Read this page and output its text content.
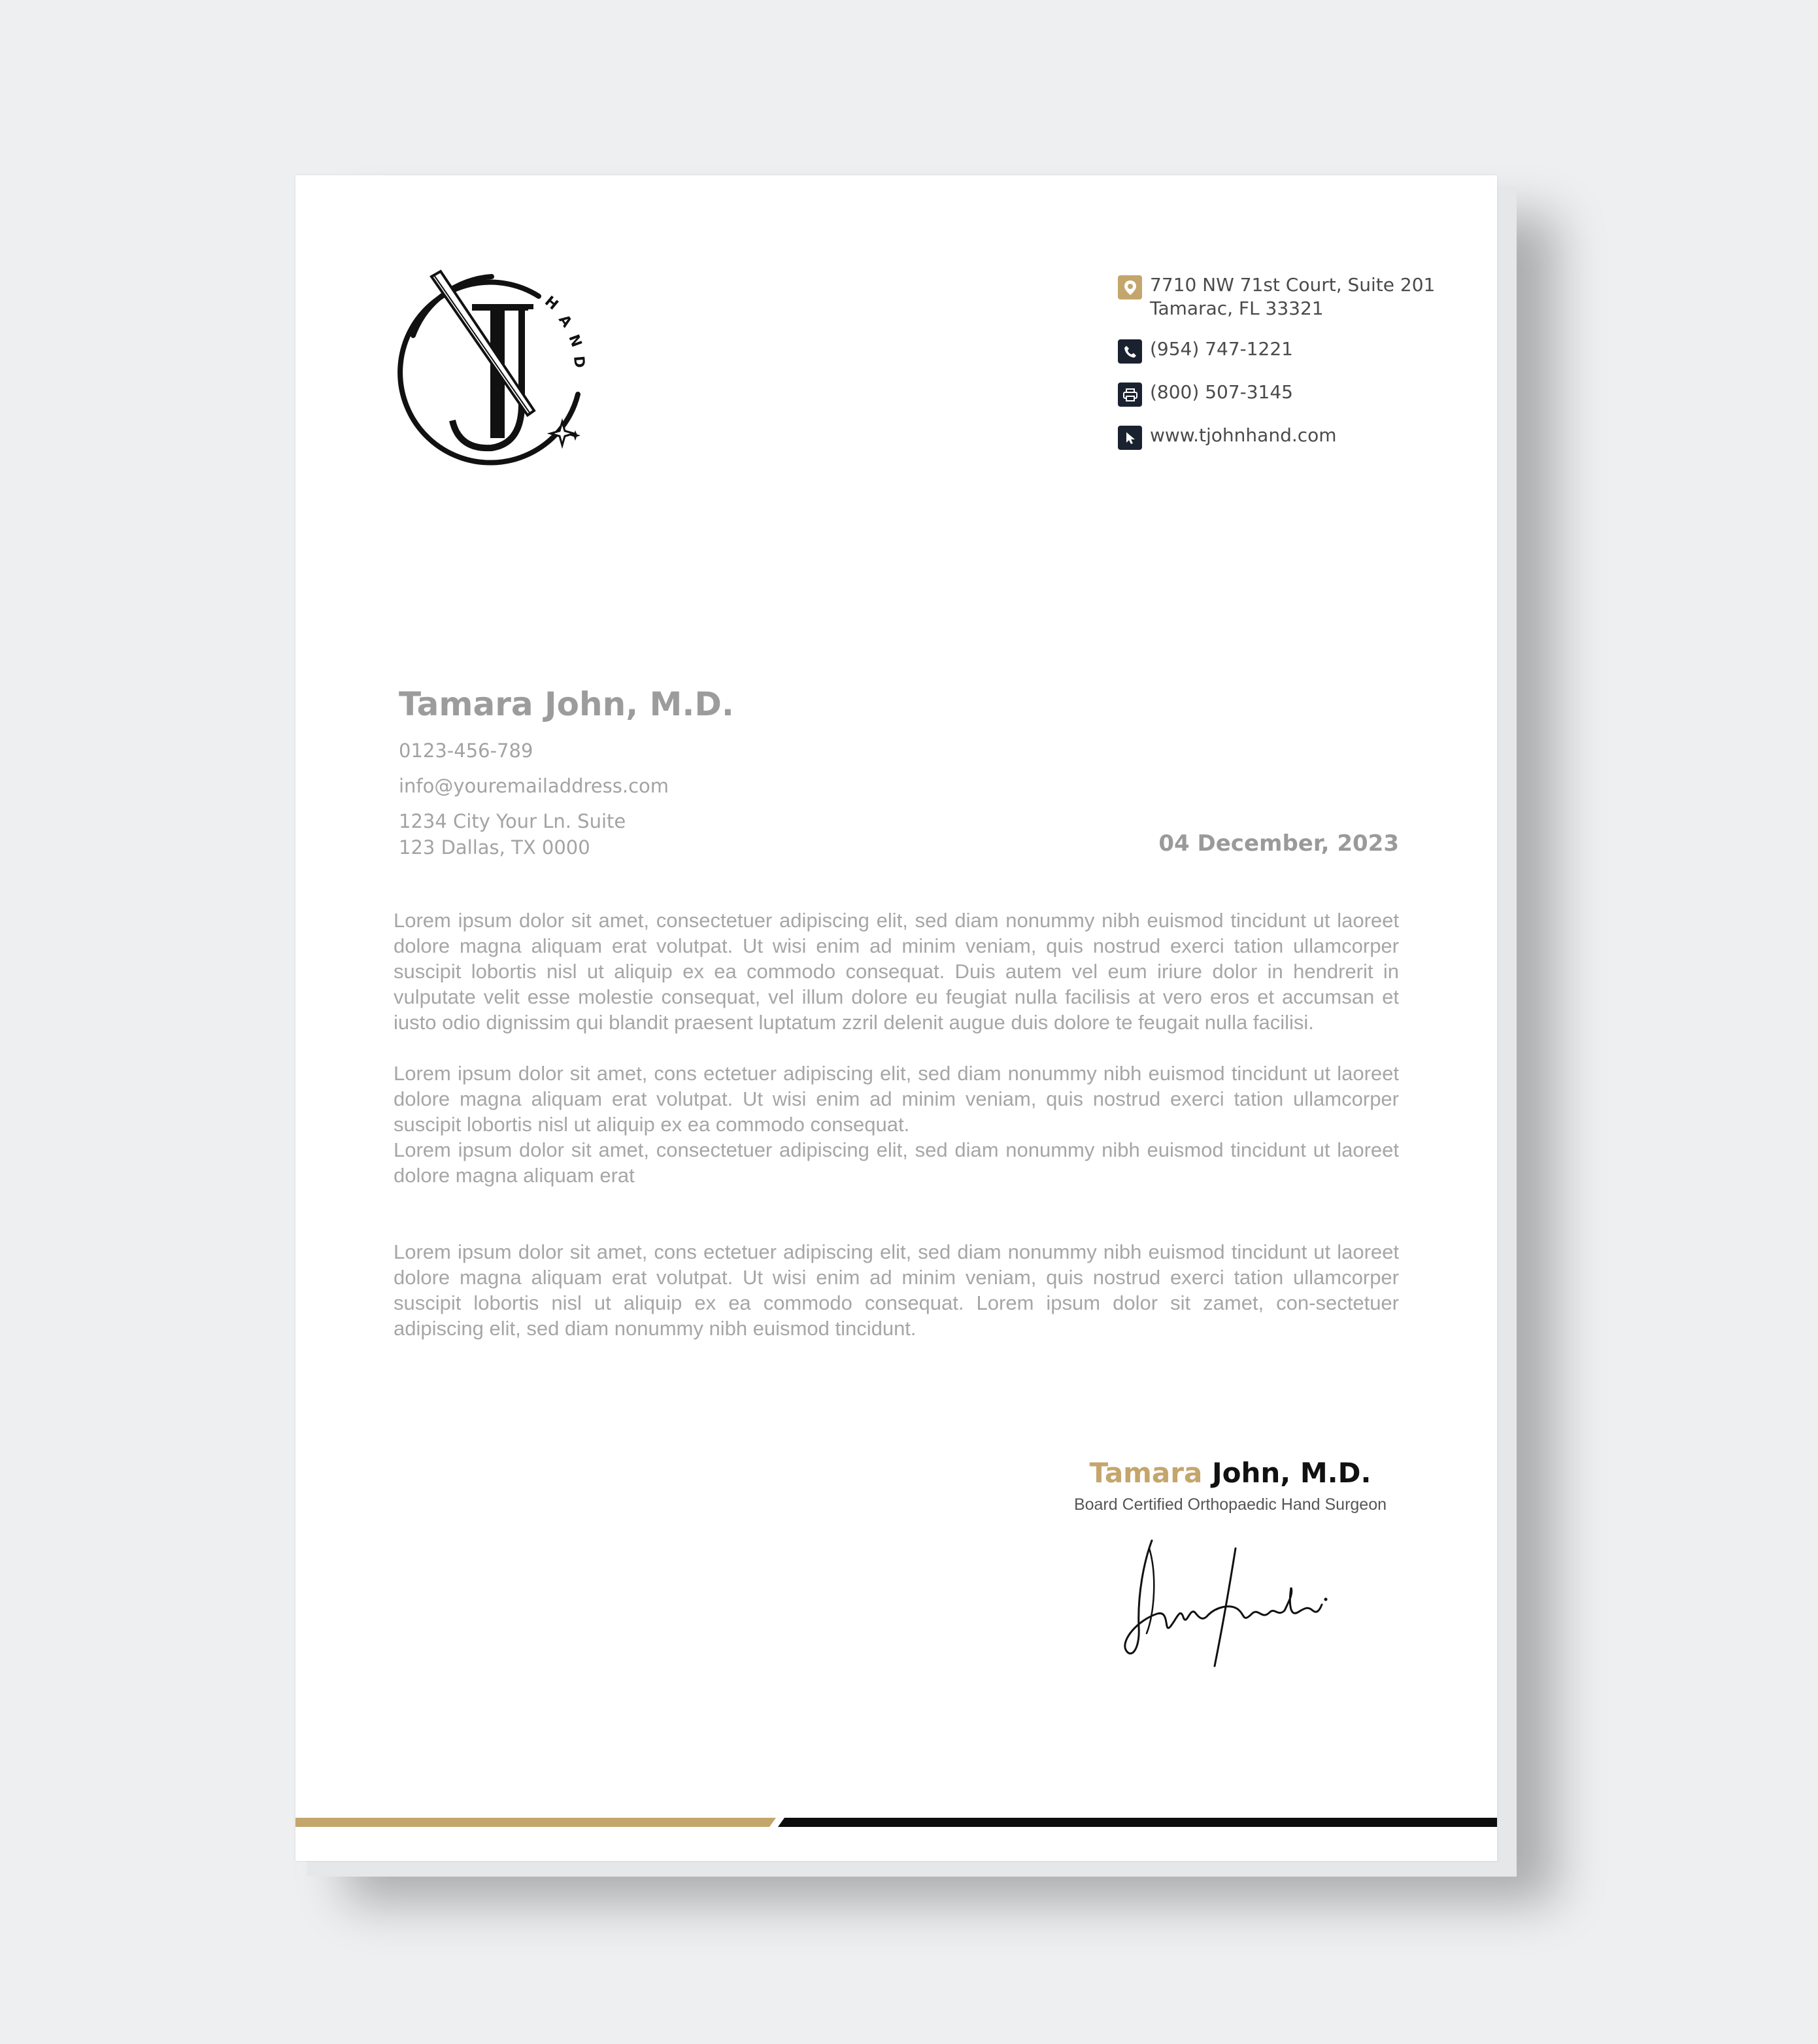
H
A
N
D
7710 NW 71st Court, Suite 201
Tamarac, FL 33321
(954) 747-1221
(800) 507-3145
www.tjohnhand.com
Tamara John, M.D.
0123-456-789
info@youremailaddress.com
1234 City Your Ln. Suite
123 Dallas, TX 0000	04 December, 2023

Lorem ipsum dolor sit amet, consectetuer adipiscing elit, sed diam nonummy nibh euismod tincidunt ut laoreet dolore magna aliquam erat volutpat. Ut wisi enim ad minim veniam, quis nostrud exerci tation ullamcorper suscipit lobortis nisl ut aliquip ex ea commodo consequat. Duis autem vel eum iriure dolor in hendrerit in vulputate velit esse molestie consequat, vel illum dolore eu feugiat nulla facilisis at vero eros et accumsan et iusto odio dignissim qui blandit praesent luptatum zzril delenit augue duis dolore te feugait nulla facilisi.

Lorem ipsum dolor sit amet, cons ectetuer adipiscing elit, sed diam nonummy nibh euismod tincidunt ut laoreet dolore magna aliquam erat volutpat. Ut wisi enim ad minim veniam, quis nostrud exerci tation ullamcorper suscipit lobortis nisl ut aliquip ex ea commodo consequat.

Lorem ipsum dolor sit amet, consectetuer adipiscing elit, sed diam nonummy nibh euismod tincidunt ut laoreet dolore magna aliquam erat

Lorem ipsum dolor sit amet, cons ectetuer adipiscing elit, sed diam nonummy nibh euismod tincidunt ut laoreet dolore magna aliquam erat volutpat. Ut wisi enim ad minim veniam, quis nostrud exerci tation ullamcorper suscipit lobortis nisl ut aliquip ex ea commodo consequat. Lorem ipsum dolor sit zamet, con-sectetuer adipiscing elit, sed diam nonummy nibh euismod tincidunt.

Tamara John, M.D.
Board Certified Orthopaedic Hand Surgeon
